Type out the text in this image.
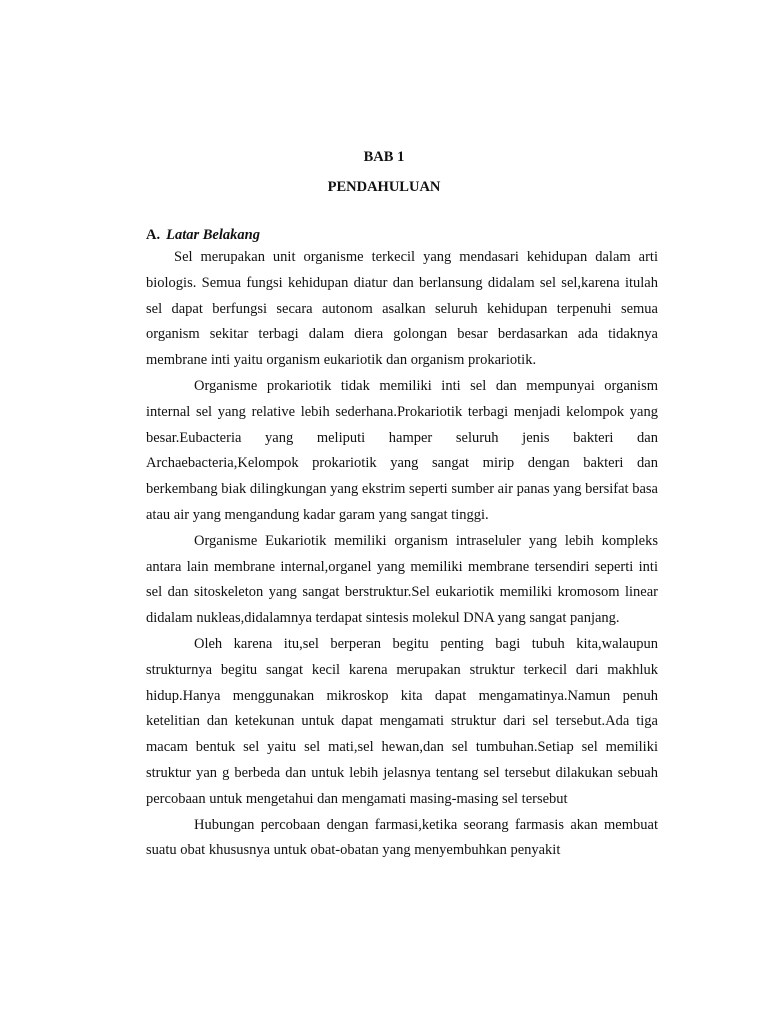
BAB 1
PENDAHULUAN
A. Latar Belakang

Sel merupakan unit organisme terkecil yang mendasari kehidupan dalam arti biologis. Semua fungsi kehidupan diatur dan berlansung didalam sel sel,karena itulah sel dapat berfungsi secara autonom asalkan seluruh kehidupan terpenuhi semua organism sekitar terbagi dalam diera golongan besar berdasarkan ada tidaknya membrane inti yaitu organism eukariotik dan organism prokariotik.

Organisme prokariotik tidak memiliki inti sel dan mempunyai organism internal sel yang relative lebih sederhana.Prokariotik terbagi menjadi kelompok yang besar.Eubacteria yang meliputi hamper seluruh jenis bakteri dan Archaebacteria,Kelompok prokariotik yang sangat mirip dengan bakteri dan berkembang biak dilingkungan yang ekstrim seperti sumber air panas yang bersifat basa atau air yang mengandung kadar garam yang sangat tinggi.

Organisme Eukariotik memiliki organism intraseluler yang lebih kompleks antara lain membrane internal,organel yang memiliki membrane tersendiri seperti inti sel dan sitoskeleton yang sangat berstruktur.Sel eukariotik memiliki kromosom linear didalam nukleas,didalamnya terdapat sintesis molekul DNA yang sangat panjang.

Oleh karena itu,sel berperan begitu penting bagi tubuh kita,walaupun strukturnya begitu sangat kecil karena merupakan struktur terkecil dari makhluk hidup.Hanya menggunakan mikroskop kita dapat mengamatinya.Namun penuh ketelitian dan ketekunan untuk dapat mengamati struktur dari sel tersebut.Ada tiga macam bentuk sel yaitu sel mati,sel hewan,dan sel tumbuhan.Setiap sel memiliki struktur yan g berbeda dan untuk lebih jelasnya tentang sel tersebut dilakukan sebuah percobaan untuk mengetahui dan mengamati masing-masing sel tersebut

Hubungan percobaan dengan farmasi,ketika seorang farmasis akan membuat suatu obat khususnya untuk obat-obatan yang menyembuhkan penyakit
